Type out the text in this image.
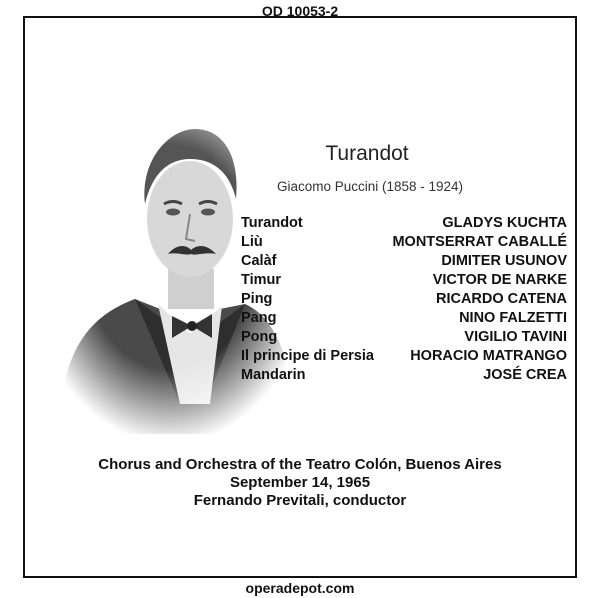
OD 10053-2
Turandot
Giacomo Puccini (1858 - 1924)
Turandot	GLADYS KUCHTA
Liù	MONTSERRAT CABALLÉ
Calàf	DIMITER USUNOV
Timur	VICTOR DE NARKE
Ping	RICARDO CATENA
Pang	NINO FALZETTI
Pong	VIGILIO TAVINI
Il principe di Persia HORACIO MATRANGO
Mandarin	JOSÉ CREA
Chorus and Orchestra of the Teatro Colón, Buenos Aires
September 14, 1965
Fernando Previtali, conductor
operadepot.com
